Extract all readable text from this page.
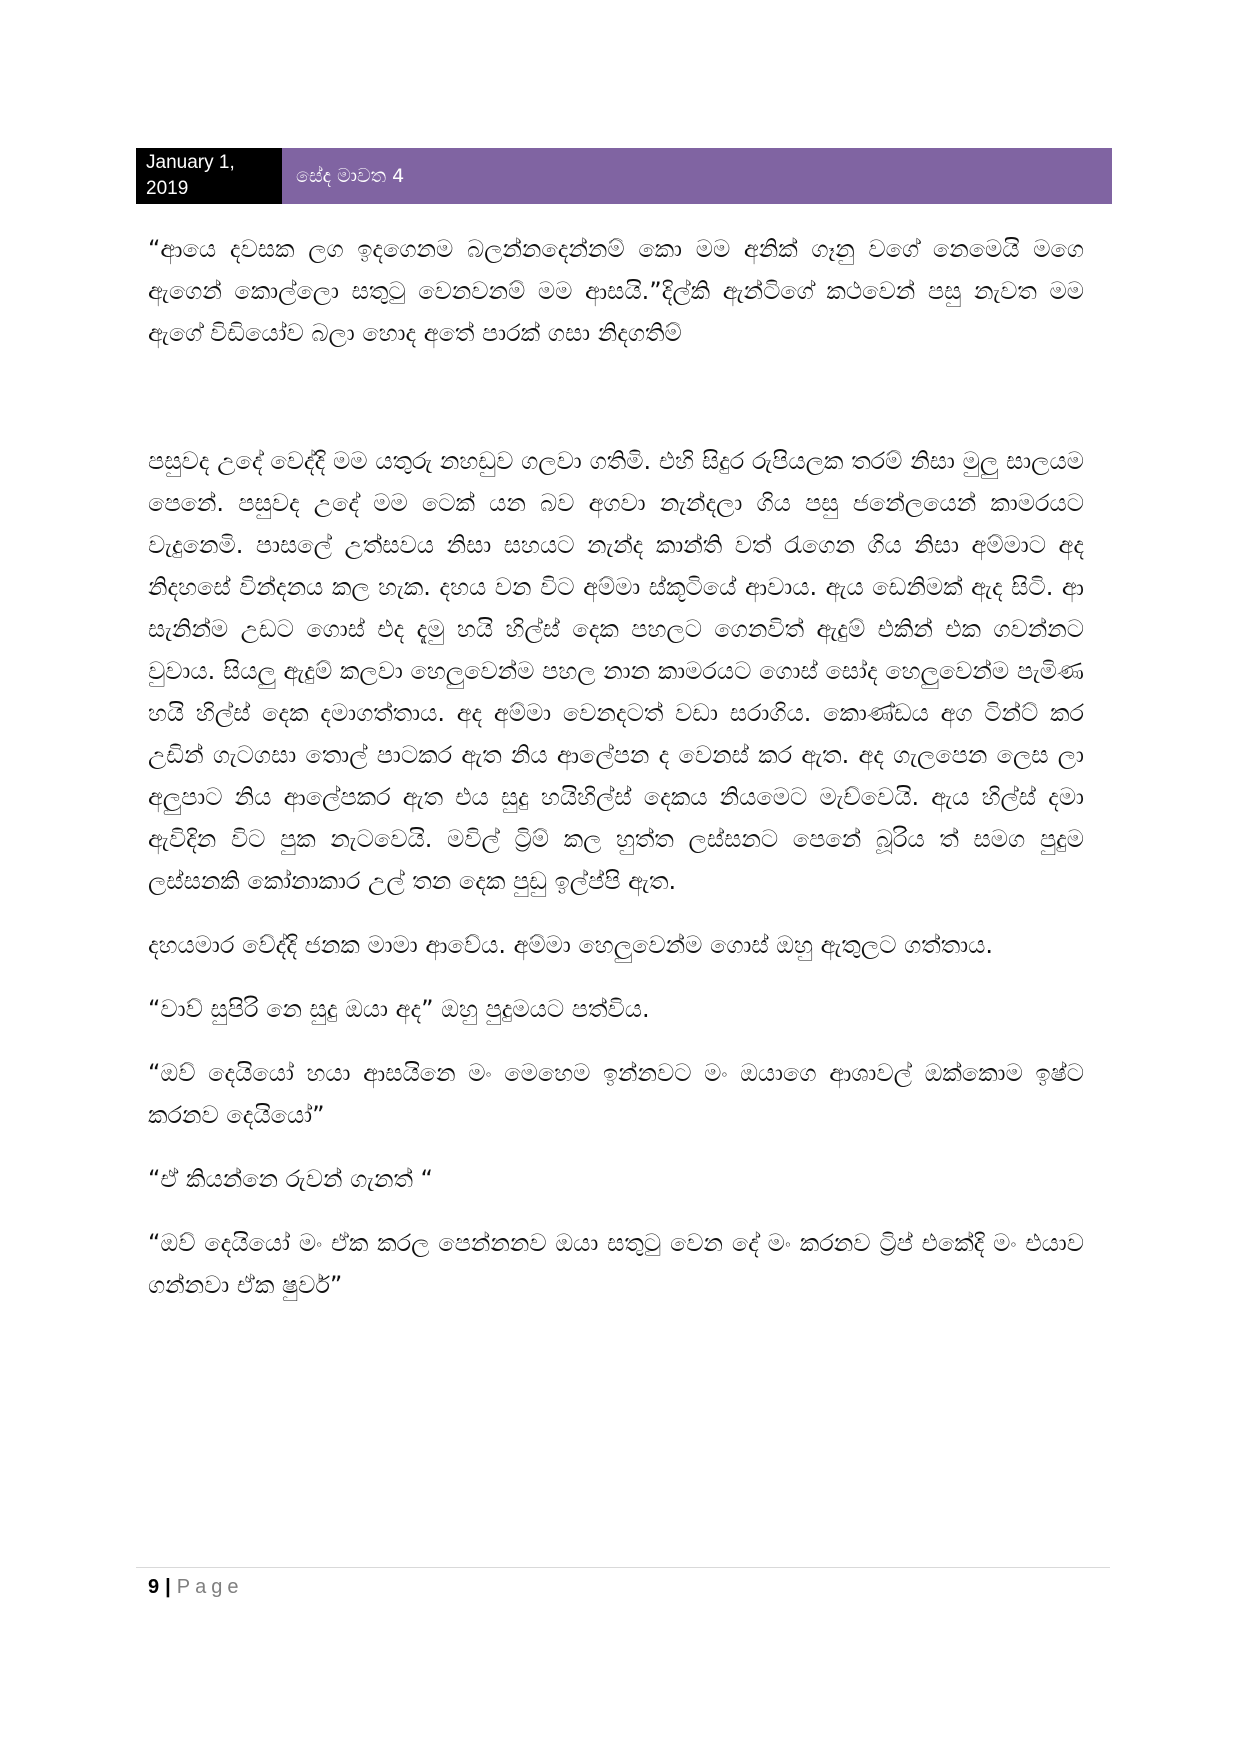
January 1,
2019
සේද මාවත 4

“ආයෙ දවසක ලග ඉදගෙනම බලන්නදෙන්නම් කො මම අනික් ගෑනු වගේ නෙමෙයි මගෙ ඇගෙන් කොල්ලො සතුටු වෙනවනම් මම ආසයි.”දිල්කි ඇන්ටිගේ කථවෙන් පසු නැවත මම ඇගේ විඩියෝව බලා හොද අතේ පාරක් ගසා නිදගතිම්

පසුවද උදේ වෙද්දි මම යතුරු නහඩුව ගලවා ගතිමි. එහි සිදුර රුපියලක තරම් නිසා මුලු සාලයම පෙනේ. පසුවද උදේ මම ටෙක් යන බව අගවා නැන්දලා ගිය පසු ජනේලයෙන් කාමරයට වැදුනෙමි. පාසලේ උත්සවය නිසා සහයට නැන්ද කාන්ති වත් රැගෙන ගිය නිසා අම්මාට අද නිදහසේ වින්දනය කල හැක. දහය වන විට අම්මා ස්කූටියේ ආවාය. ඇය ඩෙනිමක් ඇද සිටි. ආ සැනින්ම උඩට ගොස් එද දැමු හයි හිල්ස් දෙක පහලට ගෙනවිත් ඇදුම් එකින් එක ගවන්නට වුවාය. සියලු ඇදුම් කලවා හෙලුවෙන්ම පහල නාන කාමරයට ගොස් සෝද හෙලුවෙන්ම පැමිණ හයි හිල්ස් දෙක දමාගත්තාය. අද අම්මා වෙනදටත් වඩා සරාගිය. කොණ්ඩය අග ටින්ට් කර උඩින් ගැටගසා තොල් පාටකර ඇත නිය ආලේපන ද වෙනස් කර ඇත. අද ගැලපෙන ලෙස ලා අලුපාට නිය ආලේපකර ඇත එය සුදු හයිහිල්ස් දෙකය නියමෙට මැච්වෙයි. ඇය හිල්ස් දමා ඇවිදින විට පුක නැටවෙයි. මවිල් ට්‍රිම් කල හුත්ත ලස්සනට පෙනේ බූරිය ත් සමග පුදුම ලස්සනකි කෝනාකාර උල් තන දෙක පුඩු ඉල්ප්පි ඇත.

දහයමාර වේද්දි ජනක මාමා ආවේය. අම්මා හෙලුවෙන්ම ගොස් ඔහු ඇතුලට ගත්තාය.

“වාව් සුපිරි නෙ සුදු ඔයා අද” ඔහු පුදුමයට පත්විය.

“ඔව් දෙයියෝ හයා ආසයිනෙ මං මෙහෙම ඉන්නවට මං ඔයාගෙ ආශාවල් ඔක්කොම ඉෂ්ට කරනව දෙයියෝ”

“ඒ කියන්නෙ රුවන් ගැනත් “

“ඔව් දෙයියෝ මං ඒක කරල පෙන්නනව ඔයා සතුටු වෙන දේ මං කරනව ට්‍රිප් එකේදි මං එයාව ගන්නවා ඒක ෂුවර්”

9 | Page
